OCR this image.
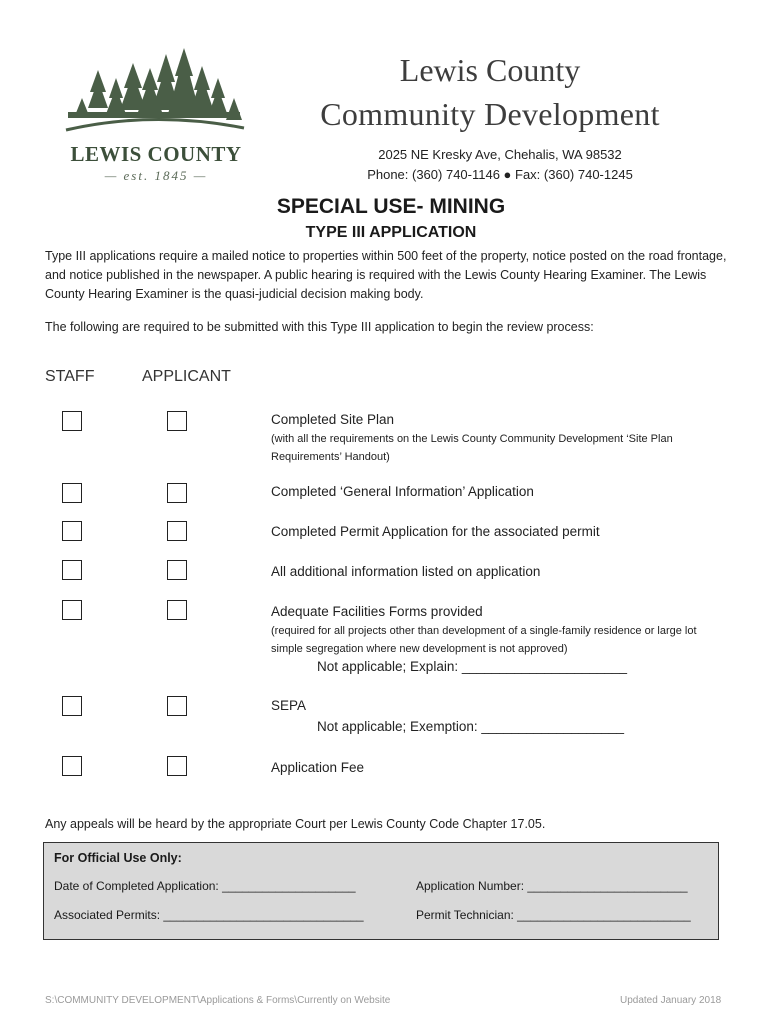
LEWIS COUNTY
— est. 1845 —
Lewis County
Community Development
2025 NE Kresky Ave, Chehalis, WA 98532
Phone: (360) 740-1146 ● Fax: (360) 740-1245
SPECIAL USE- MINING
TYPE III APPLICATION
Type III applications require a mailed notice to properties within 500 feet of the property, notice posted on the road frontage, and notice published in the newspaper. A public hearing is required with the Lewis County Hearing Examiner. The Lewis County Hearing Examiner is the quasi-judicial decision making body.
The following are required to be submitted with this Type III application to begin the review process:
STAFF	APPLICANT
Completed Site Plan
(with all the requirements on the Lewis County Community Development ‘Site Plan Requirements’ Handout)
Completed ‘General Information’ Application
Completed Permit Application for the associated permit
All additional information listed on application
Adequate Facilities Forms provided
(required for all projects other than development of a single-family residence or large lot simple segregation where new development is not approved)
Not applicable; Explain: ______________________
SEPA
Not applicable; Exemption: ___________________
Application Fee
Any appeals will be heard by the appropriate Court per Lewis County Code Chapter 17.05.
For Official Use Only:
Date of Completed Application: ____________________	Application Number: ________________________
Associated Permits: ______________________________	Permit Technician: __________________________
S:\COMMUNITY DEVELOPMENT\Applications & Forms\Currently on Website	Updated January 2018
